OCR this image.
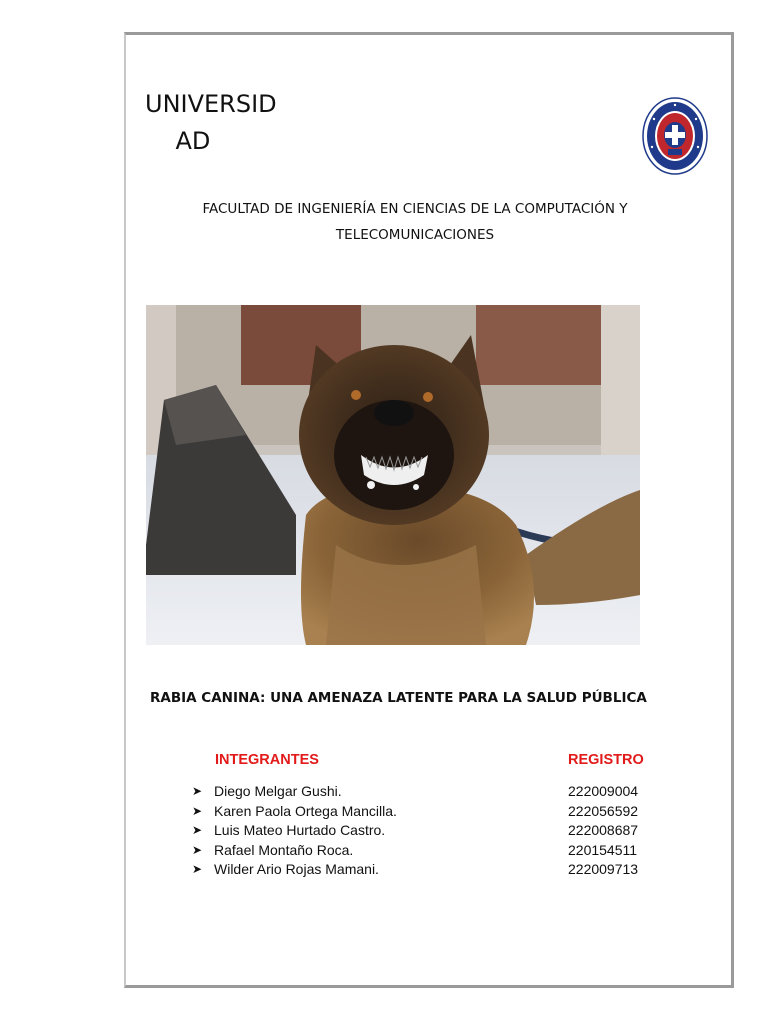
UNIVERSID
AD
FACULTAD DE INGENIERÍA EN CIENCIAS DE LA COMPUTACIÓN Y
TELECOMUNICACIONES
RABIA CANINA: UNA AMENAZA LATENTE PARA LA SALUD PÚBLICA
INTEGRANTES	REGISTRO
➤ Diego Melgar Gushi.	222009004
➤ Karen Paola Ortega Mancilla.	222056592
➤ Luis Mateo Hurtado Castro.	222008687
➤ Rafael Montaño Roca.	220154511
➤ Wilder Ario Rojas Mamani.	222009713
